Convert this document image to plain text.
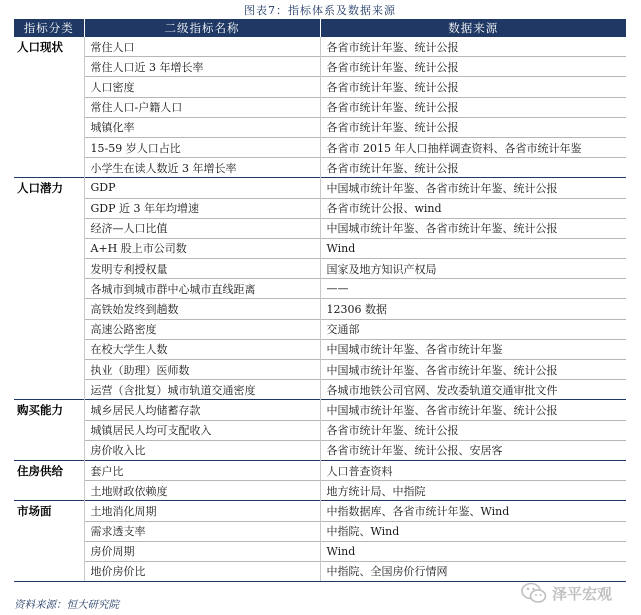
图表7：指标体系及数据来源
指标分类	二级指标名称	数据来源
人口现状	常住人口	各省市统计年鉴、统计公报
	常住人口近 3 年增长率	各省市统计年鉴、统计公报
	人口密度	各省市统计年鉴、统计公报
	常住人口-户籍人口	各省市统计年鉴、统计公报
	城镇化率	各省市统计年鉴、统计公报
	15-59 岁人口占比	各省市 2015 年人口抽样调查资料、各省市统计年鉴
	小学生在读人数近 3 年增长率	各省市统计年鉴、统计公报
人口潜力	GDP	中国城市统计年鉴、各省市统计年鉴、统计公报
	GDP 近 3 年年均增速	各省市统计公报、wind
	经济—人口比值	中国城市统计年鉴、各省市统计年鉴、统计公报
	A+H 股上市公司数	Wind
	发明专利授权量	国家及地方知识产权局
	各城市到城市群中心城市直线距离	——
	高铁始发终到趟数	12306 数据
	高速公路密度	交通部
	在校大学生人数	中国城市统计年鉴、各省市统计年鉴
	执业（助理）医师数	中国城市统计年鉴、各省市统计年鉴、统计公报
	运营（含批复）城市轨道交通密度	各城市地铁公司官网、发改委轨道交通审批文件
购买能力	城乡居民人均储蓄存款	中国城市统计年鉴、各省市统计年鉴、统计公报
	城镇居民人均可支配收入	各省市统计年鉴、统计公报
	房价收入比	各省市统计年鉴、统计公报、安居客
住房供给	套户比	人口普查资料
	土地财政依赖度	地方统计局、中指院
市场面	土地消化周期	中指数据库、各省市统计年鉴、Wind
	需求透支率	中指院、Wind
	房价周期	Wind
	地价房价比	中指院、全国房价行情网
资料来源：恒大研究院
泽平宏观
